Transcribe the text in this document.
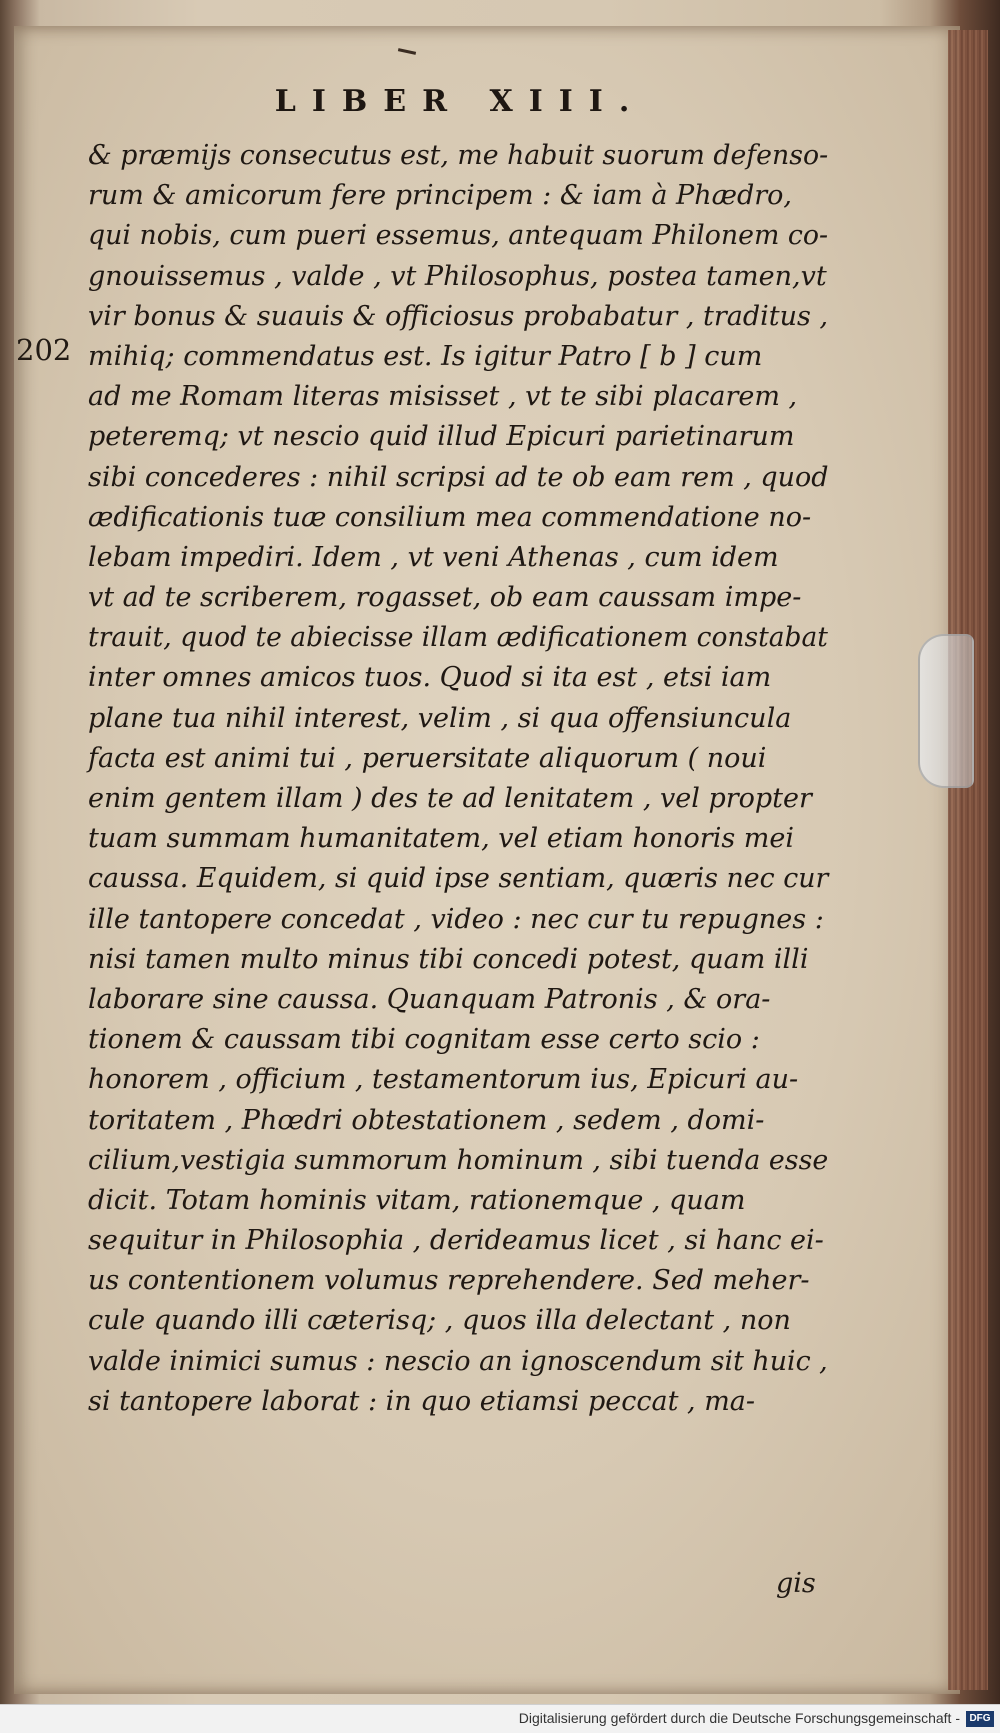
LIBER XIII.
202
& præmijs consecutus est, me habuit suorum defenso-
rum & amicorum fere principem : & iam à Phædro,
qui nobis, cum pueri essemus, antequam Philonem co-
gnouissemus , valde , vt Philosophus, postea tamen,vt
vir bonus & suauis & officiosus probabatur , traditus ,
mihiq; commendatus est. Is igitur Patro [ b ] cum
ad me Romam literas misisset , vt te sibi placarem ,
peteremq; vt nescio quid illud Epicuri parietinarum
sibi concederes : nihil scripsi ad te ob eam rem , quod
ædificationis tuæ consilium mea commendatione no-
lebam impediri. Idem , vt veni Athenas , cum idem
vt ad te scriberem, rogasset, ob eam caussam impe-
trauit, quod te abiecisse illam ædificationem constabat
inter omnes amicos tuos. Quod si ita est , etsi iam
plane tua nihil interest, velim , si qua offensiuncula
facta est animi tui , peruersitate aliquorum ( noui
enim gentem illam ) des te ad lenitatem , vel propter
tuam summam humanitatem, vel etiam honoris mei
caussa. Equidem, si quid ipse sentiam, quæris nec cur
ille tantopere concedat , video : nec cur tu repugnes :
nisi tamen multo minus tibi concedi potest, quam illi
laborare sine caussa. Quanquam Patronis , & ora-
tionem & caussam tibi cognitam esse certo scio :
honorem , officium , testamentorum ius, Epicuri au-
toritatem , Phœdri obtestationem , sedem , domi-
cilium,vestigia summorum hominum , sibi tuenda esse
dicit. Totam hominis vitam, rationemque , quam
sequitur in Philosophia , derideamus licet , si hanc ei-
us contentionem volumus reprehendere. Sed meher-
cule quando illi cæterisq; , quos illa delectant , non
valde inimici sumus : nescio an ignoscendum sit huic ,
si tantopere laborat : in quo etiamsi peccat , ma-
gis
Digitalisierung gefördert durch die Deutsche Forschungsgemeinschaft - DFG
